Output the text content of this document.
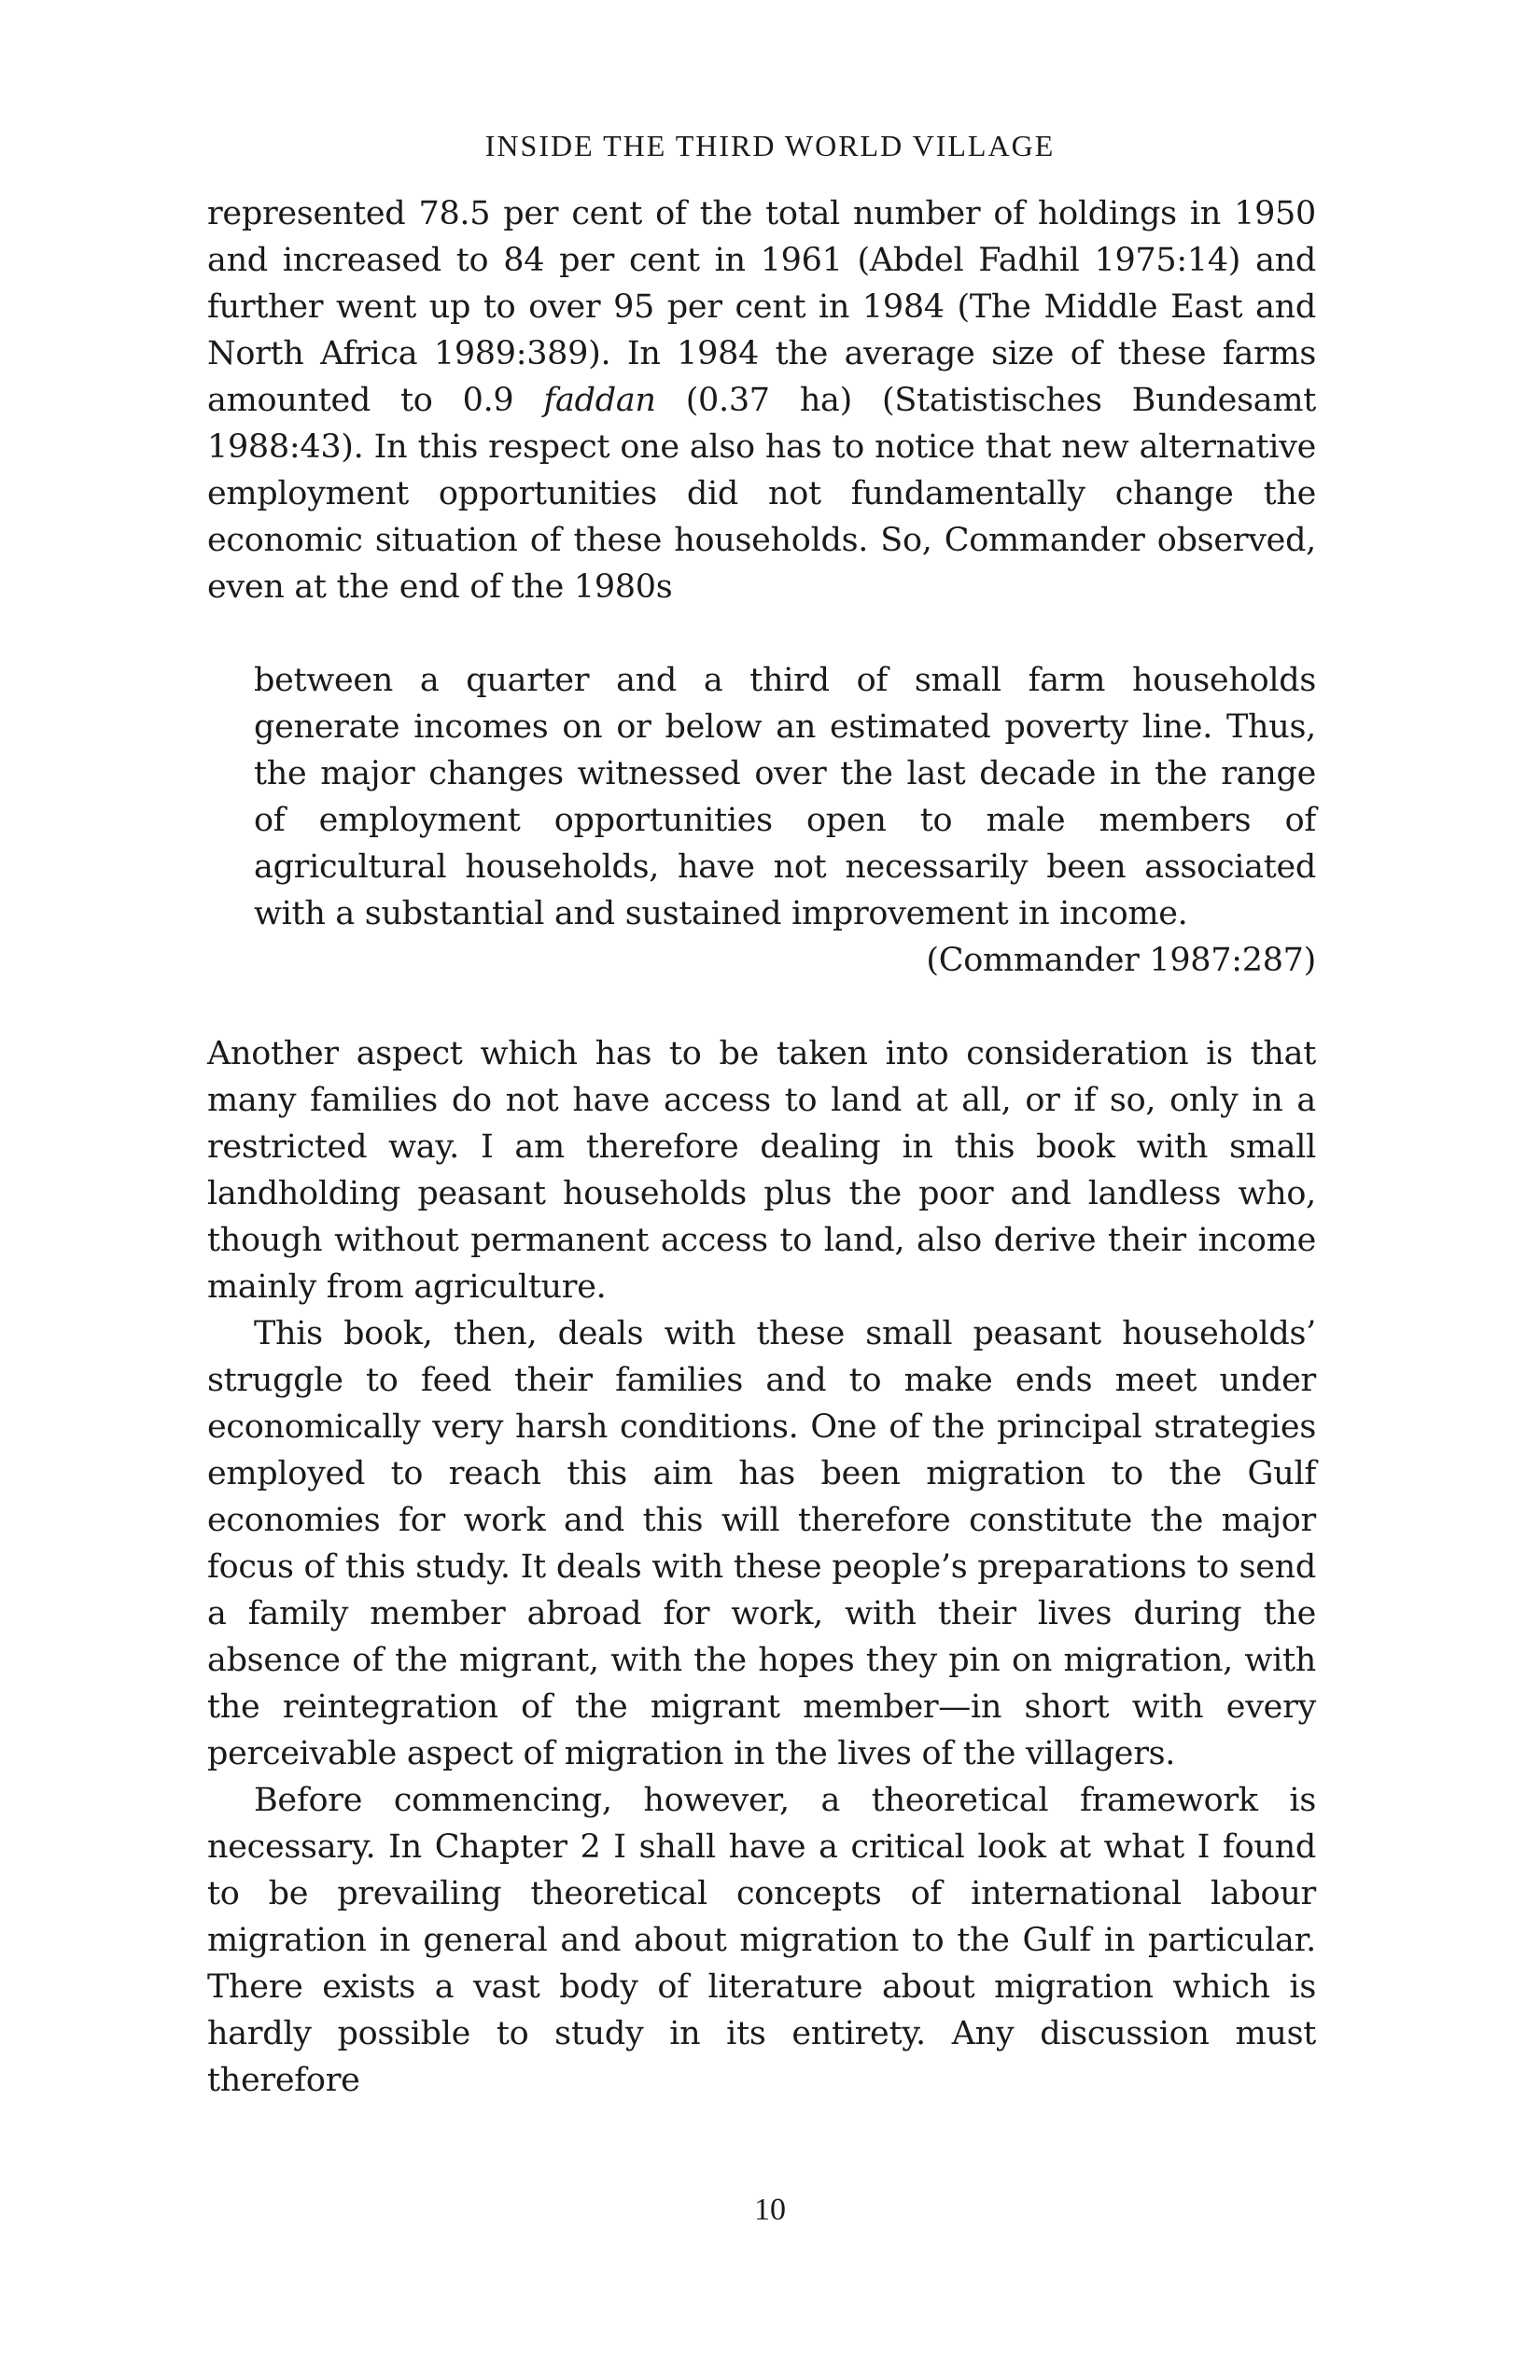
INSIDE THE THIRD WORLD VILLAGE

represented 78.5 per cent of the total number of holdings in 1950 and increased to 84 per cent in 1961 (Abdel Fadhil 1975:14) and further went up to over 95 per cent in 1984 (The Middle East and North Africa 1989:389). In 1984 the average size of these farms amounted to 0.9 faddan (0.37 ha) (Statistisches Bundesamt 1988:43). In this respect one also has to notice that new alternative employment opportunities did not fundamentally change the economic situation of these households. So, Commander observed, even at the end of the 1980s

between a quarter and a third of small farm households generate incomes on or below an estimated poverty line. Thus, the major changes witnessed over the last decade in the range of employment opportunities open to male members of agricultural households, have not necessarily been associated with a substantial and sustained improvement in income.

(Commander 1987:287)

Another aspect which has to be taken into consideration is that many families do not have access to land at all, or if so, only in a restricted way. I am therefore dealing in this book with small landholding peasant households plus the poor and landless who, though without permanent access to land, also derive their income mainly from agriculture.

This book, then, deals with these small peasant households’ struggle to feed their families and to make ends meet under economically very harsh conditions. One of the principal strategies employed to reach this aim has been migration to the Gulf economies for work and this will therefore constitute the major focus of this study. It deals with these people’s preparations to send a family member abroad for work, with their lives during the absence of the migrant, with the hopes they pin on migration, with the reintegration of the migrant member—in short with every perceivable aspect of migration in the lives of the villagers.

Before commencing, however, a theoretical framework is necessary. In Chapter 2 I shall have a critical look at what I found to be prevailing theoretical concepts of international labour migration in general and about migration to the Gulf in particular. There exists a vast body of literature about migration which is hardly possible to study in its entirety. Any discussion must therefore

10
